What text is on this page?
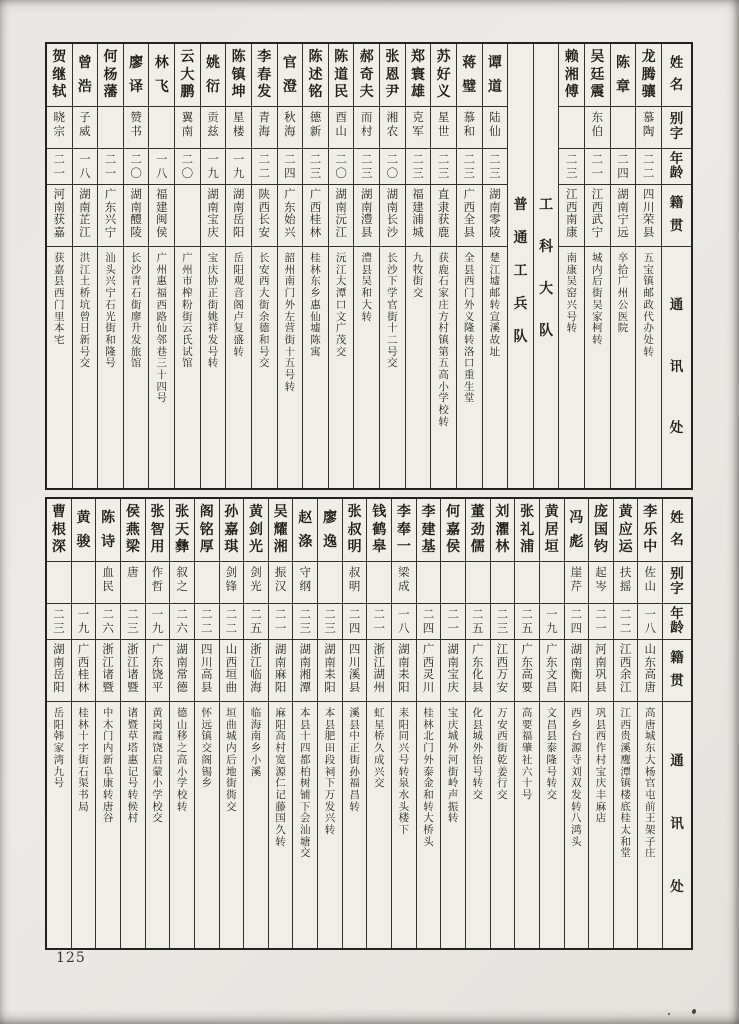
姓
名
别
字
年
龄
籍
贯
通
讯
处
龙
腾
骧
慕
陶
二
二
四
川
荣
县
五
宝
镇
邮
政
代
办
处
转
陈
章
二
四
湖
南
宁
远
卒
拾
广
州
公
医
院
吴
廷
震
东
伯
二
一
江
西
武
宁
城
内
后
街
吴
家
柯
转
赖
湘
傅
二
三
江
西
南
康
南
康
吴
窑
兴
号
转
工
科
大
队
普
通
工
兵
队
谭
道
陆
仙
二
三
湖
南
零
陵
楚
江
墟
邮
转
宣
溪
故
址
蒋
璧
慕
和
二
三
广
西
全
县
全
县
西
门
外
义
隆
转
洛
口
重
生
堂
苏
好
义
星
世
二
三
直
隶
获
鹿
获
鹿
石
家
庄
方
村
镇
第
五
高
小
学
校
转
郑
寰
雄
克
军
二
三
福
建
浦
城
九
牧
街
交
张
恩
尹
湘
农
二
〇
湖
南
长
沙
长
沙
下
学
官
街
十
二
号
交
郝
奇
夫
而
村
二
三
湖
南
澧
县
澧
县
吴
和
大
转
陈
道
民
酉
山
二
〇
湖
南
沅
江
沅
江
大
潭
口
文
广
茂
交
陈
述
铭
德
新
二
三
广
西
桂
林
桂
林
东
乡
惠
仙
墟
陈
寓
官
澄
秋
海
二
四
广
东
始
兴
韶
州
南
门
外
左
营
街
十
五
号
转
李
春
发
青
海
二
二
陕
西
长
安
长
安
西
大
街
余
德
和
号
交
陈
镇
坤
星
楼
一
九
湖
南
岳
阳
岳
阳
观
音
阁
卢
复
盛
转
姚
衍
贡
兹
一
九
湖
南
宝
庆
宝
庆
协
正
街
姚
祥
发
号
转
云
大
鹏
翼
南
二
〇
广
州
市
榨
粉
街
云
氏
试
馆
林
飞
一
八
福
建
闽
侯
广
州
惠
福
西
路
仙
邻
巷
三
十
四
号
廖
译
赞
书
二
〇
湖
南
醴
陵
长
沙
青
石
街
廖
升
发
旅
馆
何
杨
藩
二
一
广
东
兴
宁
汕
头
兴
宁
石
光
街
和
隆
号
曾
浩
子
威
一
八
湖
南
芷
江
洪
江
土
桥
坑
曾
日
新
号
交
贺
继
轼
晓
宗
二
一
河
南
获
嘉
获
嘉
县
西
门
里
本
宅
姓
名
别
字
年
龄
籍
贯
通
讯
处
李
乐
中
佐
山
一
八
山
东
高
唐
高
唐
城
东
大
杨
官
屯
前
王
架
子
庄
黄
应
运
扶
摇
二
二
江
西
余
江
江
西
贵
溪
鹰
潭
镇
楼
底
桂
太
和
堂
庞
国
钧
起
岑
二
一
河
南
巩
县
巩
县
西
作
村
宝
庆
丰
麻
店
冯
彪
崖
芹
二
四
湖
南
衡
阳
西
乡
台
源
寺
刘
双
发
转
八
鸿
头
黄
居
垣
一
九
广
东
文
昌
文
昌
县
泰
隆
号
转
交
张
礼
浦
二
五
广
东
高
要
高
要
福
肇
社
六
十
号
刘
灈
林
二
三
江
西
万
安
万
安
西
街
乾
姜
行
交
董
劲
儒
二
五
广
东
化
县
化
县
城
外
怡
号
转
交
何
嘉
侯
二
一
湖
南
宝
庆
宝
庆
城
外
河
街
岭
声
振
转
李
建
基
二
四
广
西
灵
川
桂
林
北
门
外
泰
金
和
转
大
桥
头
李
奉
一
梁
成
一
八
湖
南
耒
阳
耒
阳
同
兴
号
转
泉
水
头
楼
下
钱
鹤
皋
二
一
浙
江
湖
州
虹
星
桥
久
成
兴
交
张
叔
明
叔
明
二
四
四
川
溪
县
溪
县
中
正
街
孙
福
昌
转
廖
逸
二
三
湖
南
耒
阳
本
县
肥
田
段
祠
下
万
发
兴
转
赵
涤
守
纲
二
三
湖
南
湘
潭
本
县
十
四
都
柏
树
铺
下
会
汕
塘
交
吴
耀
湘
振
汉
二
一
湖
南
麻
阳
麻
阳
高
村
宽
源
仁
记
藤
国
久
转
黄
剑
光
剑
光
二
五
浙
江
临
海
临
海
南
乡
小
溪
孙
嘉
琪
剑
锋
二
二
山
西
垣
曲
垣
曲
城
内
后
地
街
衖
交
阁
铭
厚
二
二
四
川
高
县
怀
远
镇
交
阁
锡
乡
张
天
彝
叙
之
二
六
湖
南
常
德
德
山
移
之
高
小
学
校
转
张
智
用
作
哲
一
九
广
东
饶
平
黄
岗
霞
饶
启
蒙
小
学
校
交
侯
燕
梁
唐
二
三
浙
江
诸
暨
诸
暨
草
塔
惠
记
号
转
候
村
陈
诗
血
民
二
六
浙
江
诸
暨
中
木
门
内
新
阜
康
转
唐
谷
黄
骏
一
九
广
西
桂
林
桂
林
十
字
街
石
渠
书
局
曹
根
深
二
三
湖
南
岳
阳
岳
阳
韩
家
湾
九
号
125
